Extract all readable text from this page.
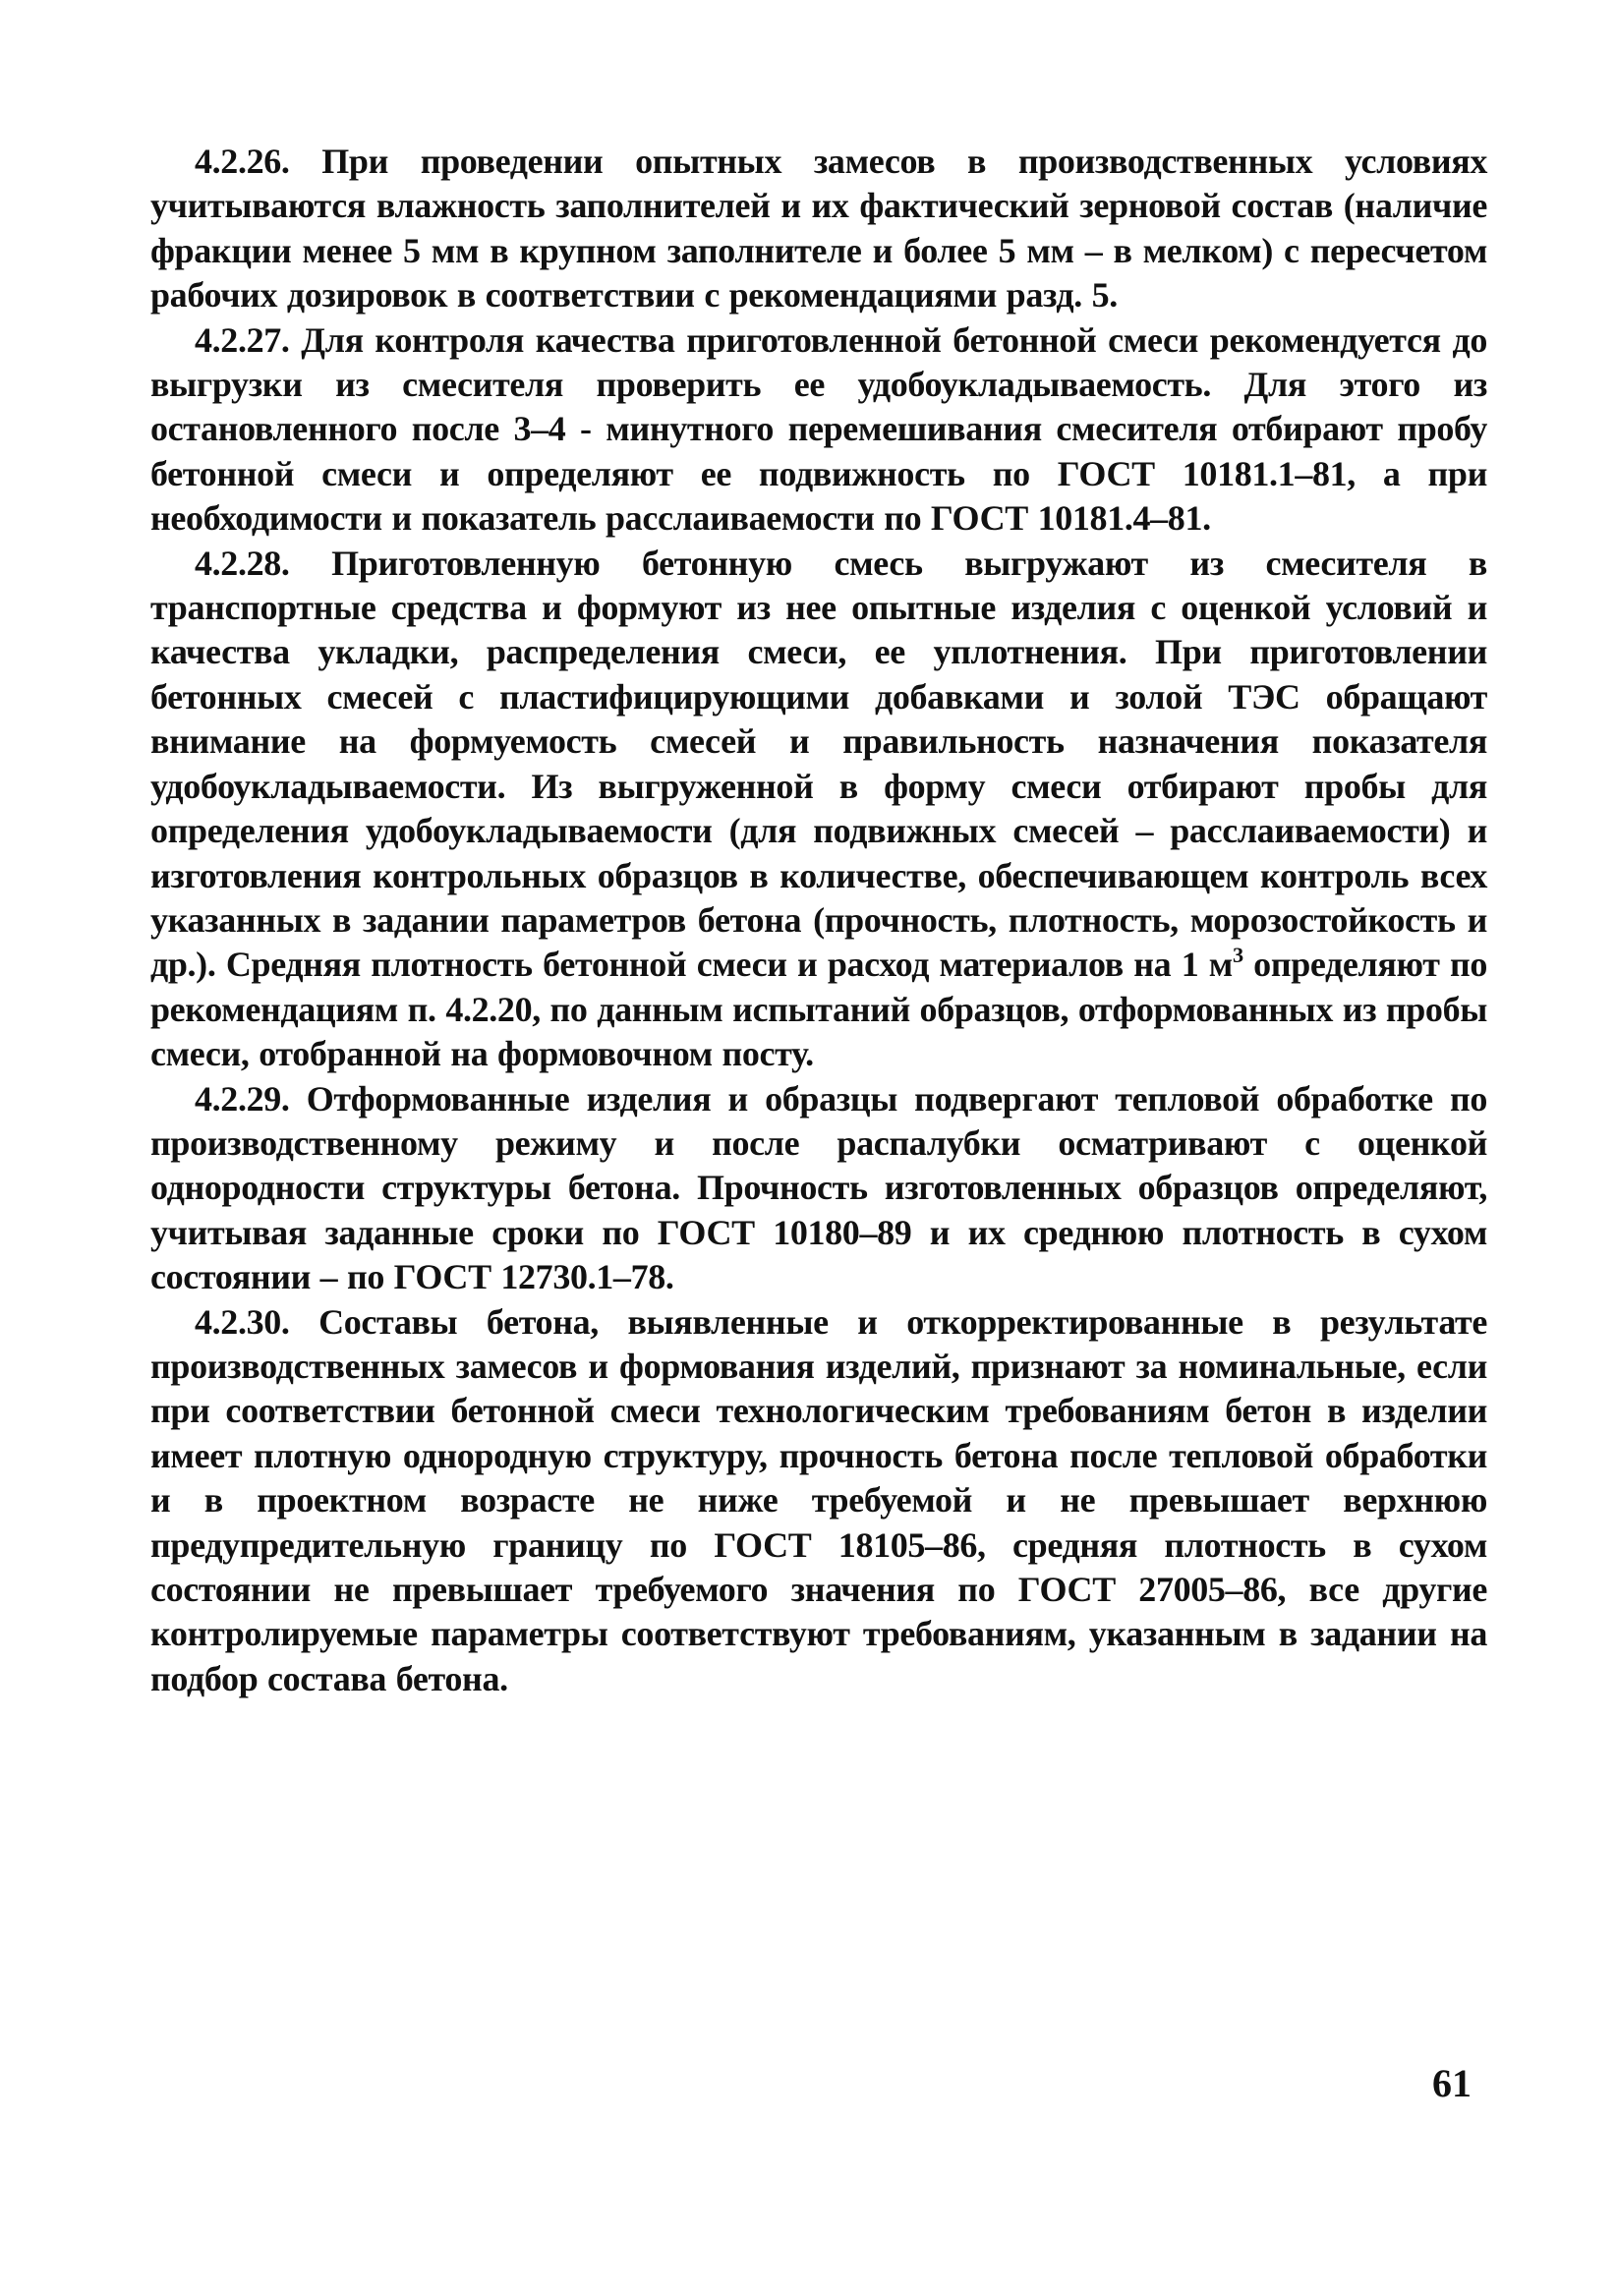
4.2.26. При проведении опытных замесов в производственных условиях учитываются влажность заполнителей и их фактический зерновой состав (наличие фракции менее 5 мм в крупном заполнителе и более 5 мм – в мелком) с пересчетом рабочих дозировок в соответствии с рекомендациями разд. 5.

4.2.27. Для контроля качества приготовленной бетонной смеси рекомендуется до выгрузки из смесителя проверить ее удобоукладываемость. Для этого из остановленного после 3–4 - минутного перемешивания смесителя отбирают пробу бетонной смеси и определяют ее подвижность по ГОСТ 10181.1–81, а при необходимости и показатель расслаиваемости по ГОСТ 10181.4–81.

4.2.28. Приготовленную бетонную смесь выгружают из смесителя в транспортные средства и формуют из нее опытные изделия с оценкой условий и качества укладки, распределения смеси, ее уплотнения. При приготовлении бетонных смесей с пластифицирующими добавками и золой ТЭС обращают внимание на формуемость смесей и правильность назначения показателя удобоукладываемости. Из выгруженной в форму смеси отбирают пробы для определения удобоукладываемости (для подвижных смесей – расслаиваемости) и изготовления контрольных образцов в количестве, обеспечивающем контроль всех указанных в задании параметров бетона (прочность, плотность, морозостойкость и др.). Средняя плотность бетонной смеси и расход материалов на 1 $м^3$ определяют по рекомендациям п. 4.2.20, по данным испытаний образцов, отформованных из пробы смеси, отобранной на формовочном посту.

4.2.29. Отформованные изделия и образцы подвергают тепловой обработке по производственному режиму и после распалубки осматривают с оценкой однородности структуры бетона. Прочность изготовленных образцов определяют, учитывая заданные сроки по ГОСТ 10180–89 и их среднюю плотность в сухом состоянии – по ГОСТ 12730.1–78.

4.2.30. Составы бетона, выявленные и откорректированные в результате производственных замесов и формования изделий, признают за номинальные, если при соответствии бетонной смеси технологическим требованиям бетон в изделии имеет плотную однородную структуру, прочность бетона после тепловой обработки и в проектном возрасте не ниже требуемой и не превышает верхнюю предупредительную границу по ГОСТ 18105–86, средняя плотность в сухом состоянии не превышает требуемого значения по ГОСТ 27005–86, все другие контролируемые параметры соответствуют требованиям, указанным в задании на подбор состава бетона.

61
